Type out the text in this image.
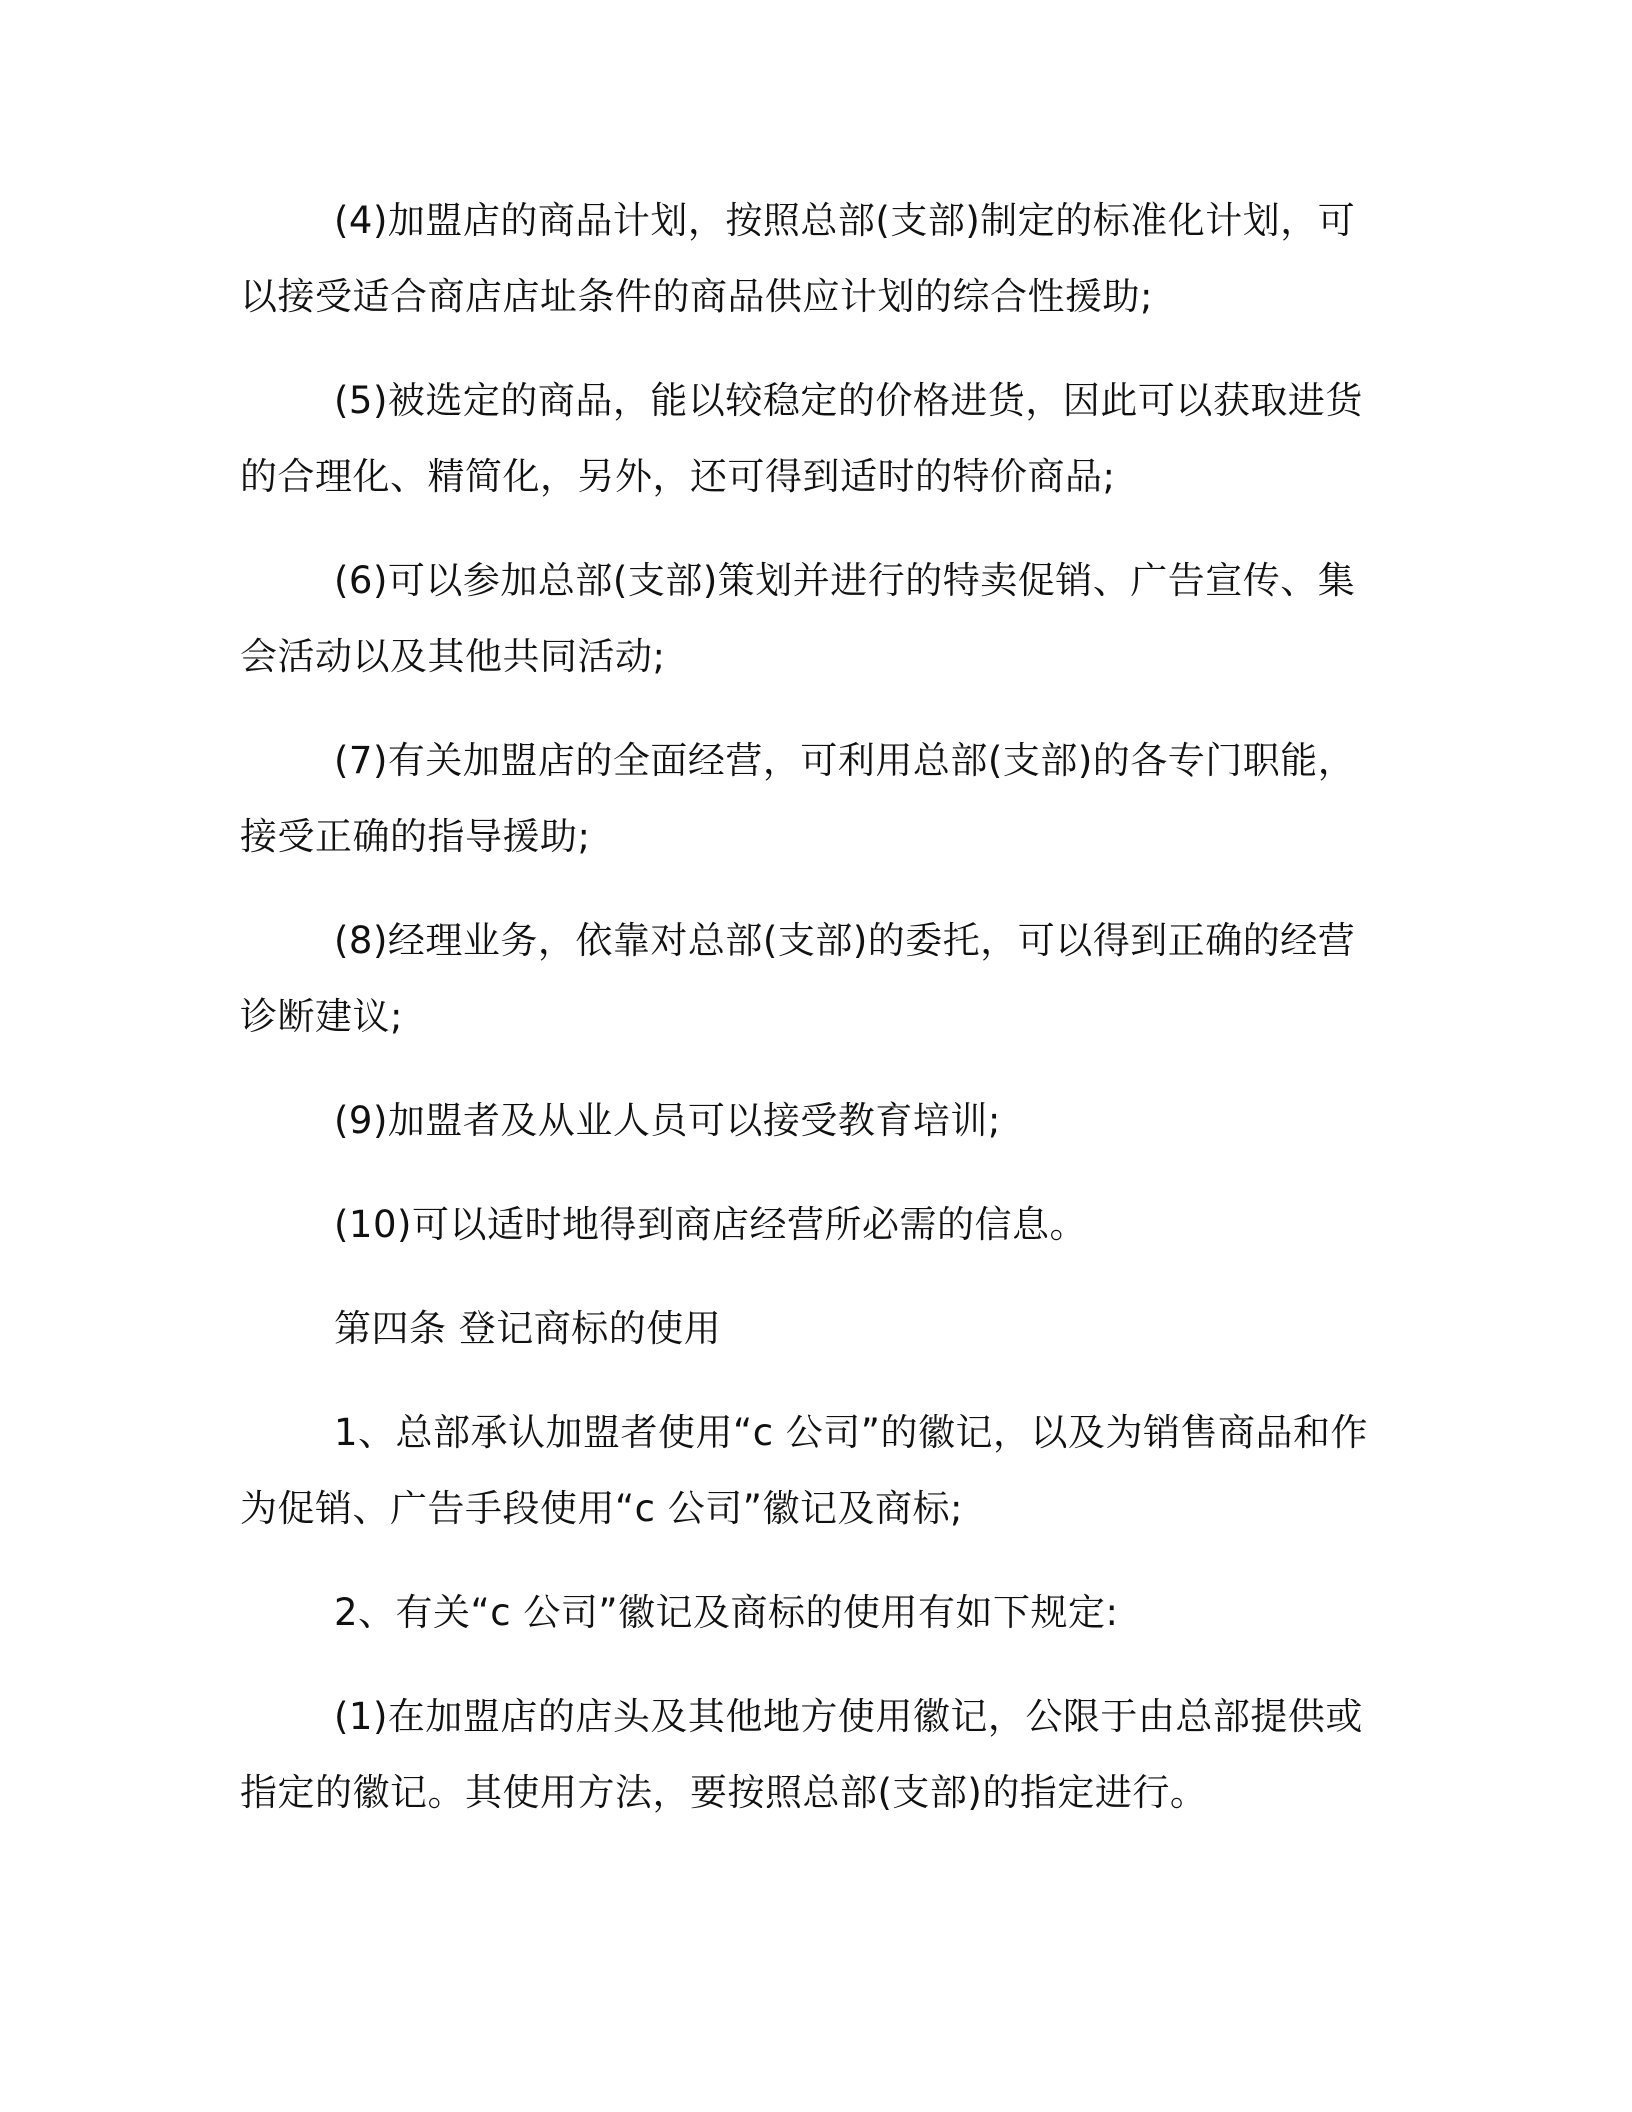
(4)加盟店的商品计划，按照总部(支部)制定的标准化计划，可以接受适合商店店址条件的商品供应计划的综合性援助;

(5)被选定的商品，能以较稳定的价格进货，因此可以获取进货的合理化、精简化，另外，还可得到适时的特价商品;

(6)可以参加总部(支部)策划并进行的特卖促销、广告宣传、集会活动以及其他共同活动;

(7)有关加盟店的全面经营，可利用总部(支部)的各专门职能，接受正确的指导援助;

(8)经理业务，依靠对总部(支部)的委托，可以得到正确的经营诊断建议;

(9)加盟者及从业人员可以接受教育培训;

(10)可以适时地得到商店经营所必需的信息。

第四条 登记商标的使用

1、总部承认加盟者使用“c 公司”的徽记，以及为销售商品和作为促销、广告手段使用“c 公司”徽记及商标;

2、有关“c 公司”徽记及商标的使用有如下规定:

(1)在加盟店的店头及其他地方使用徽记，公限于由总部提供或指定的徽记。其使用方法，要按照总部(支部)的指定进行。
